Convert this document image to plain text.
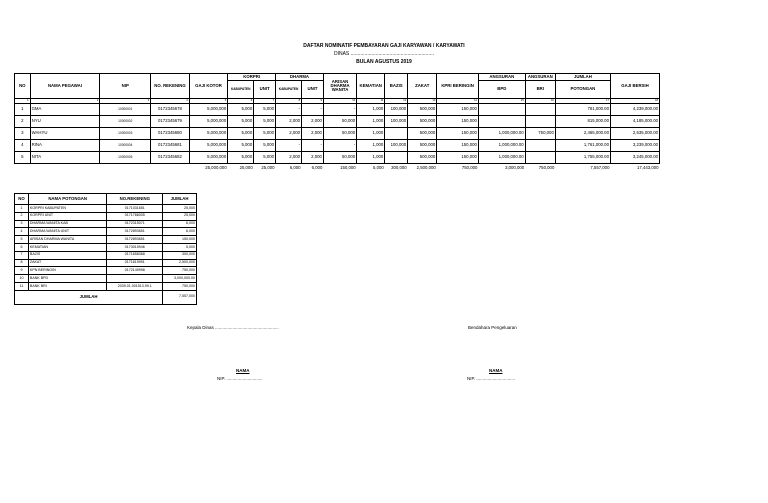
DAFTAR NOMINATIF PEMBAYARAN GAJI KARYAWAN / KARYAWATI
DINAS ............................................................
BULAN AGUSTUS 2019
NO	NAMA PEGAWAI	NIP	NO. REKENING	GAJI KOTOR	KORPRI		DHARMA		ARISAN DHARMA WANITA	KEMATIAN	BAZIS	ZAKAT	KPRI BERINGIN	ANGSURAN	ANGSURAN	JUMLAH	GAJI BERSIH
					KABUPATEN	UNIT	KABUPATEN	UNIT						BPD	BRI	POTONGAN	
1	2	3	4	5	6	7	8	9	10	11	12	13	14	15	16	17	18
1	GMA	10000001	0172345678	5,000,000	5,000	5,000	-	-	-	1,000	100,000	500,000	150,000			761,000.00	4,239,000.00
2	NYU	10000002	0172345679	5,000,000	5,000	5,000	2,000	2,000	50,000	1,000	100,000	500,000	150,000			815,000.00	4,185,000.00
3	WAHYU	10000003	0172345680	5,000,000	5,000	5,000	2,000	2,000	50,000	1,000		500,000	150,000	1,000,000.00	750,000	2,465,000.00	2,535,000.00
4	RINA	10000004	0172345681	5,000,000	5,000	5,000	-	-	-	1,000	100,000	500,000	150,000	1,000,000.00		1,761,000.00	3,239,000.00
5	NITA	10000005	0172345682	5,000,000	5,000	5,000	2,000	2,000	50,000	1,000		500,000	150,000	1,000,000.00		1,755,000.00	3,245,000.00
				25,000,000	25,000	25,000	6,000	6,000	150,000	5,000	300,000	2,500,000	750,000	3,000,000	750,000	7,557,000	17,443,000
NO	NAMA POTONGAN	NO.REKENING	JUMLAH
1	KORPRI KABUPATEN	0171031651	25,000
2	KORPRI UNIT	0171766005	25,000
3	DHARMA WANITA KAB	0172315071	6,000
4	DHARMA WANITA UNIT	0172893651	6,000
5	ARISAN DHARMA WANITA	0172893651	150,000
6	KEMATIAN	0173015946	5,000
7	BAZIS	0171658368	300,000
8	ZAKAT	0171619991	2,500,000
9	KPN BERINGIN	0172149998	750,000
10	BANK BPD		3,000,000.00
11	BANK BRI	2039.01.001513.99.1	750,000
JUMLAH			7,557,000
Kepala Dinas ...................................................	Bendahara Pengeluaran
NAMA
NIP. .............................
NAMA
NIP. ...............................
